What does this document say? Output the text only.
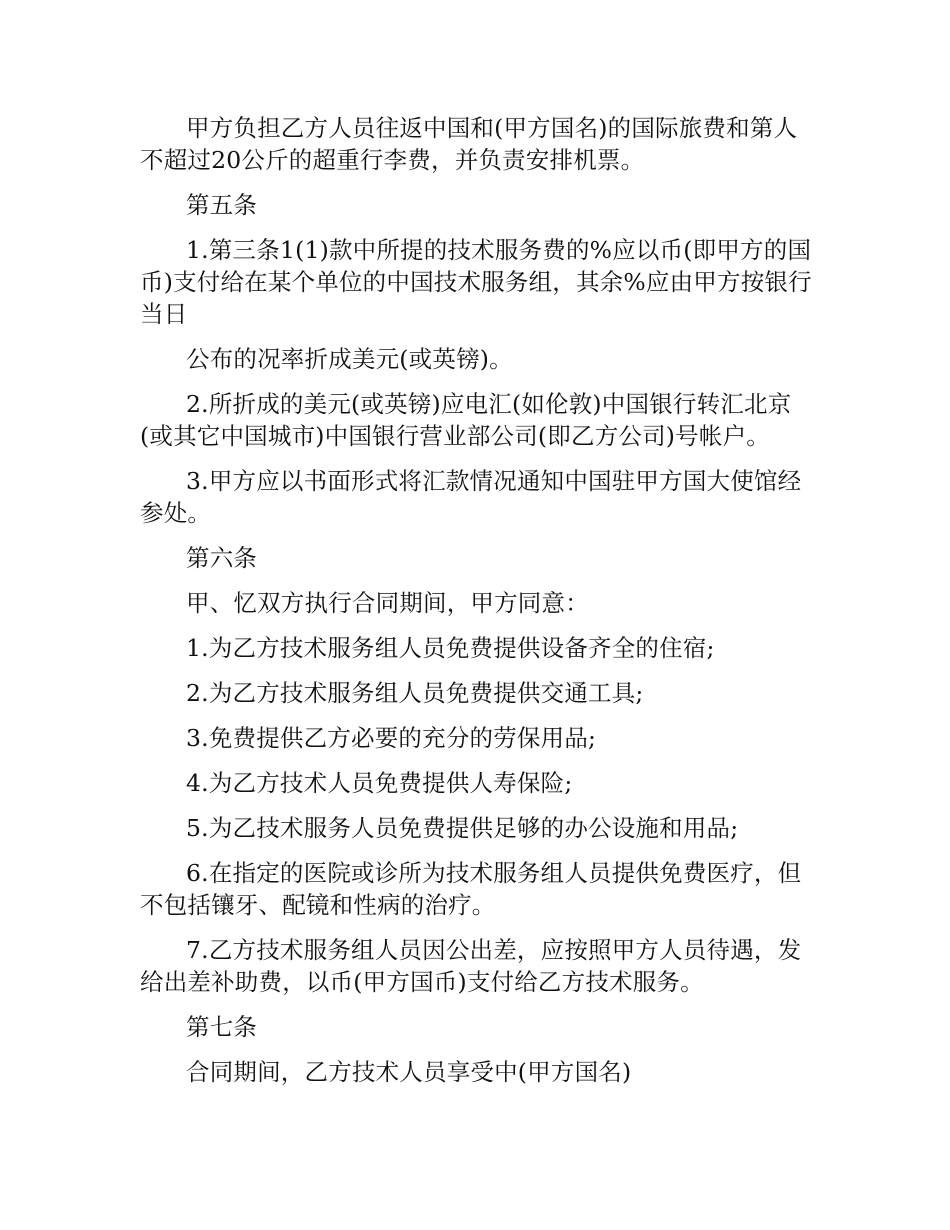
甲方负担乙方人员往返中国和(甲方国名)的国际旅费和第人不超过20公斤的超重行李费，并负责安排机票。

第五条

1.第三条1(1)款中所提的技术服务费的%应以币(即甲方的国币)支付给在某个单位的中国技术服务组，其余%应由甲方按银行当日

公布的况率折成美元(或英镑)。

2.所折成的美元(或英镑)应电汇(如伦敦)中国银行转汇北京(或其它中国城市)中国银行营业部公司(即乙方公司)号帐户。

3.甲方应以书面形式将汇款情况通知中国驻甲方国大使馆经参处。

第六条

甲、忆双方执行合同期间，甲方同意：

1.为乙方技术服务组人员免费提供设备齐全的住宿;

2.为乙方技术服务组人员免费提供交通工具;

3.免费提供乙方必要的充分的劳保用品;

4.为乙方技术人员免费提供人寿保险;

5.为乙技术服务人员免费提供足够的办公设施和用品;

6.在指定的医院或诊所为技术服务组人员提供免费医疗，但不包括镶牙、配镜和性病的治疗。

7.乙方技术服务组人员因公出差，应按照甲方人员待遇，发给出差补助费，以币(甲方国币)支付给乙方技术服务。

第七条

合同期间，乙方技术人员享受中(甲方国名)
